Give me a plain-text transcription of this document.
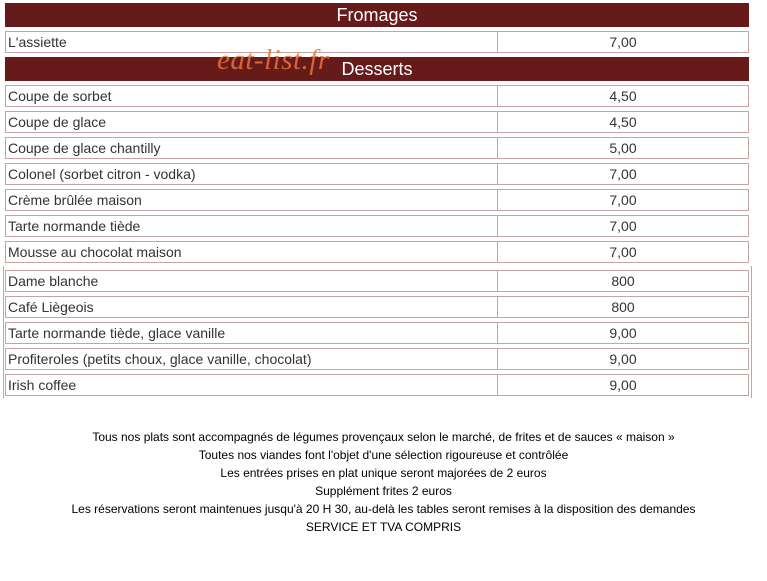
Fromages
L'assiette	7,00
Desserts
Coupe de sorbet	4,50
Coupe de glace	4,50
Coupe de glace chantilly	5,00
Colonel (sorbet citron - vodka)	7,00
Crème brûlée maison	7,00
Tarte normande tiède	7,00
Mousse au chocolat maison	7,00
Dame blanche	800
Café Liègeois	800
Tarte normande tiède, glace vanille	9,00
Profiteroles (petits choux, glace vanille, chocolat)	9,00
Irish coffee	9,00
eat-list.fr
Tous nos plats sont accompagnés de légumes provençaux selon le marché, de frites et de sauces « maison »
Toutes nos viandes font l'objet d'une sélection rigoureuse et contrôlée
Les entrées prises en plat unique seront majorées de 2 euros
Supplément frites 2 euros
Les réservations seront maintenues jusqu'à 20 H 30, au-delà les tables seront remises à la disposition des demandes
SERVICE ET TVA COMPRIS
